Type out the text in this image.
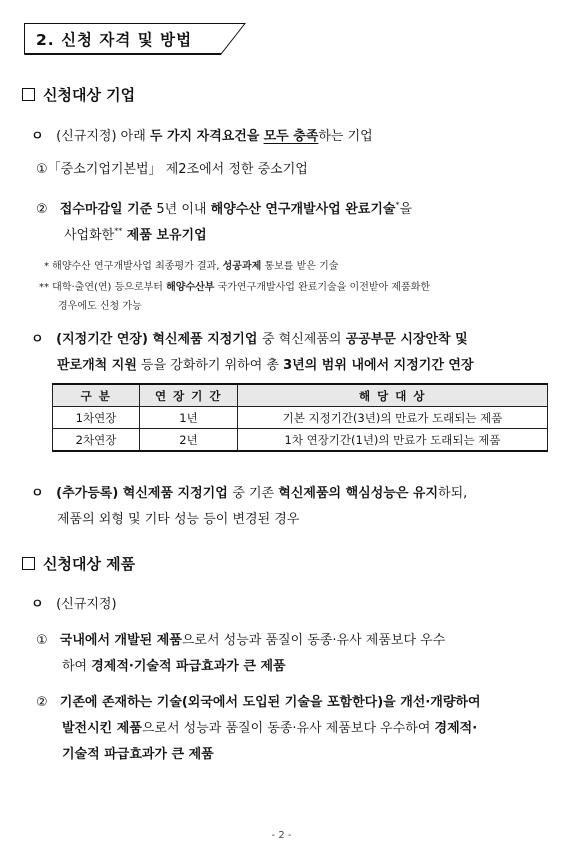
2. 신청 자격 및 방법
신청대상 기업
ㅇ (신규지정) 아래 두 가지 자격요건을 모두 충족하는 기업
①「중소기업기본법」 제2조에서 정한 중소기업
② 접수마감일 기준 5년 이내 해양수산 연구개발사업 완료기술*을
사업화한** 제품 보유기업
* 해양수산 연구개발사업 최종평가 결과, 성공과제 통보를 받은 기술
** 대학·출연(연) 등으로부터 해양수산부 국가연구개발사업 완료기술을 이전받아 제품화한
경우에도 신청 가능
ㅇ (지정기간 연장) 혁신제품 지정기업 중 혁신제품의 공공부문 시장안착 및
판로개척 지원 등을 강화하기 위하여 총 3년의 범위 내에서 지정기간 연장
구 분	연 장 기 간	해 당 대 상
1차연장	1년	기본 지정기간(3년)의 만료가 도래되는 제품
2차연장	2년	1차 연장기간(1년)의 만료가 도래되는 제품
ㅇ (추가등록) 혁신제품 지정기업 중 기존 혁신제품의 핵심성능은 유지하되,
제품의 외형 및 기타 성능 등이 변경된 경우
신청대상 제품
ㅇ (신규지정)
① 국내에서 개발된 제품으로서 성능과 품질이 동종·유사 제품보다 우수
하여 경제적·기술적 파급효과가 큰 제품
② 기존에 존재하는 기술(외국에서 도입된 기술을 포함한다)을 개선·개량하여
발전시킨 제품으로서 성능과 품질이 동종·유사 제품보다 우수하여 경제적·
기술적 파급효과가 큰 제품
- 2 -
